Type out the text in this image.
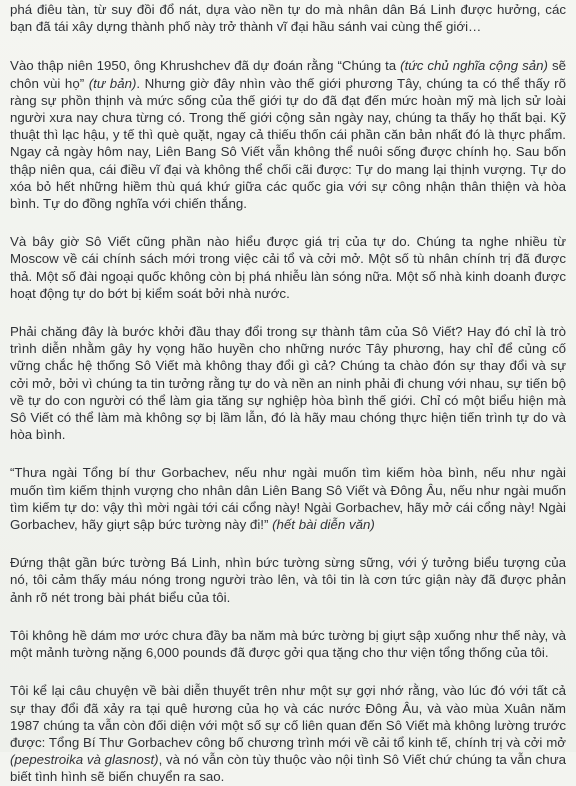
phá điêu tàn, từ suy đồi đổ nát, dựa vào nền tự do mà nhân dân Bá Linh được hưởng, các bạn đã tái xây dựng thành phố này trở thành vĩ đại hầu sánh vai cùng thế giới…

Vào thập niên 1950, ông Khrushchev đã dự đoán rằng “Chúng ta (tức chủ nghĩa cộng sản) sẽ chôn vùi họ” (tư bản). Nhưng giờ đây nhìn vào thế giới phương Tây, chúng ta có thể thấy rõ ràng sự phồn thịnh và mức sống của thế giới tự do đã đạt đến mức hoàn mỹ mà lịch sử loài người xưa nay chưa từng có. Trong thế giới cộng sản ngày nay, chúng ta thấy họ thất bại. Kỹ thuật thì lạc hậu, y tế thì què quặt, ngay cả thiếu thốn cái phần căn bản nhất đó là thực phẩm. Ngay cả ngày hôm nay, Liên Bang Sô Viết vẫn không thể nuôi sống được chính họ. Sau bốn thập niên qua, cái điều vĩ đại và không thể chối cãi được: Tự do mang lại thịnh vượng. Tự do xóa bỏ hết những hiềm thù quá khứ giữa các quốc gia với sự công nhận thân thiện và hòa bình. Tự do đồng nghĩa với chiến thắng.

Và bây giờ Sô Viết cũng phần nào hiểu được giá trị của tự do. Chúng ta nghe nhiều từ Moscow về cái chính sách mới trong việc cải tổ và cởi mở. Một số tù nhân chính trị đã được thả. Một số đài ngoại quốc không còn bị phá nhiễu làn sóng nữa. Một số nhà kinh doanh được hoạt động tự do bớt bị kiểm soát bởi nhà nước.

Phải chăng đây là bước khởi đầu thay đổi trong sự thành tâm của Sô Viết? Hay đó chỉ là trò trình diễn nhằm gây hy vọng hão huyền cho những nước Tây phương, hay chỉ để củng cố vững chắc hệ thống Sô Viết mà không thay đổi gì cả? Chúng ta chào đón sự thay đổi và sự cởi mở, bởi vì chúng ta tin tưởng rằng tự do và nền an ninh phải đi chung với nhau, sự tiến bộ về tự do con người có thể làm gia tăng sự nghiệp hòa bình thế giới. Chỉ có một biểu hiện mà Sô Viết có thể làm mà không sợ bị lầm lẫn, đó là hãy mau chóng thực hiện tiến trình tự do và hòa bình.

“Thưa ngài Tổng bí thư Gorbachev, nếu như ngài muốn tìm kiếm hòa bình, nếu như ngài muốn tìm kiếm thịnh vượng cho nhân dân Liên Bang Sô Viết và Đông Âu, nếu như ngài muốn tìm kiếm tự do: vậy thì mời ngài tới cái cổng này! Ngài Gorbachev, hãy mở cái cổng này! Ngài Gorbachev, hãy giựt sập bức tường này đi!” (hết bài diễn văn)

Đứng thật gần bức tường Bá Linh, nhìn bức tường sừng sững, với ý tưởng biểu tượng của nó, tôi cảm thấy máu nóng trong người trào lên, và tôi tin là cơn tức giận này đã được phản ảnh rõ nét trong bài phát biểu của tôi.

Tôi không hề dám mơ ước chưa đầy ba năm mà bức tường bị giựt sập xuống như thế này, và một mảnh tường nặng 6,000 pounds đã được gởi qua tặng cho thư viện tổng thống của tôi.

Tôi kể lại câu chuyện về bài diễn thuyết trên như một sự gợi nhớ rằng, vào lúc đó với tất cả sự thay đổi đã xảy ra tại quê hương của họ và các nước Đông Âu, và vào mùa Xuân năm 1987 chúng ta vẫn còn đối diện với một số sự cố liên quan đến Sô Viết mà không lường trước được: Tổng Bí Thư Gorbachev công bố chương trình mới về cải tổ kinh tế, chính trị và cởi mở (pepestroika và glasnost), và nó vẫn còn tùy thuộc vào nội tình Sô Viết chứ chúng ta vẫn chưa biết tình hình sẽ biến chuyển ra sao.
